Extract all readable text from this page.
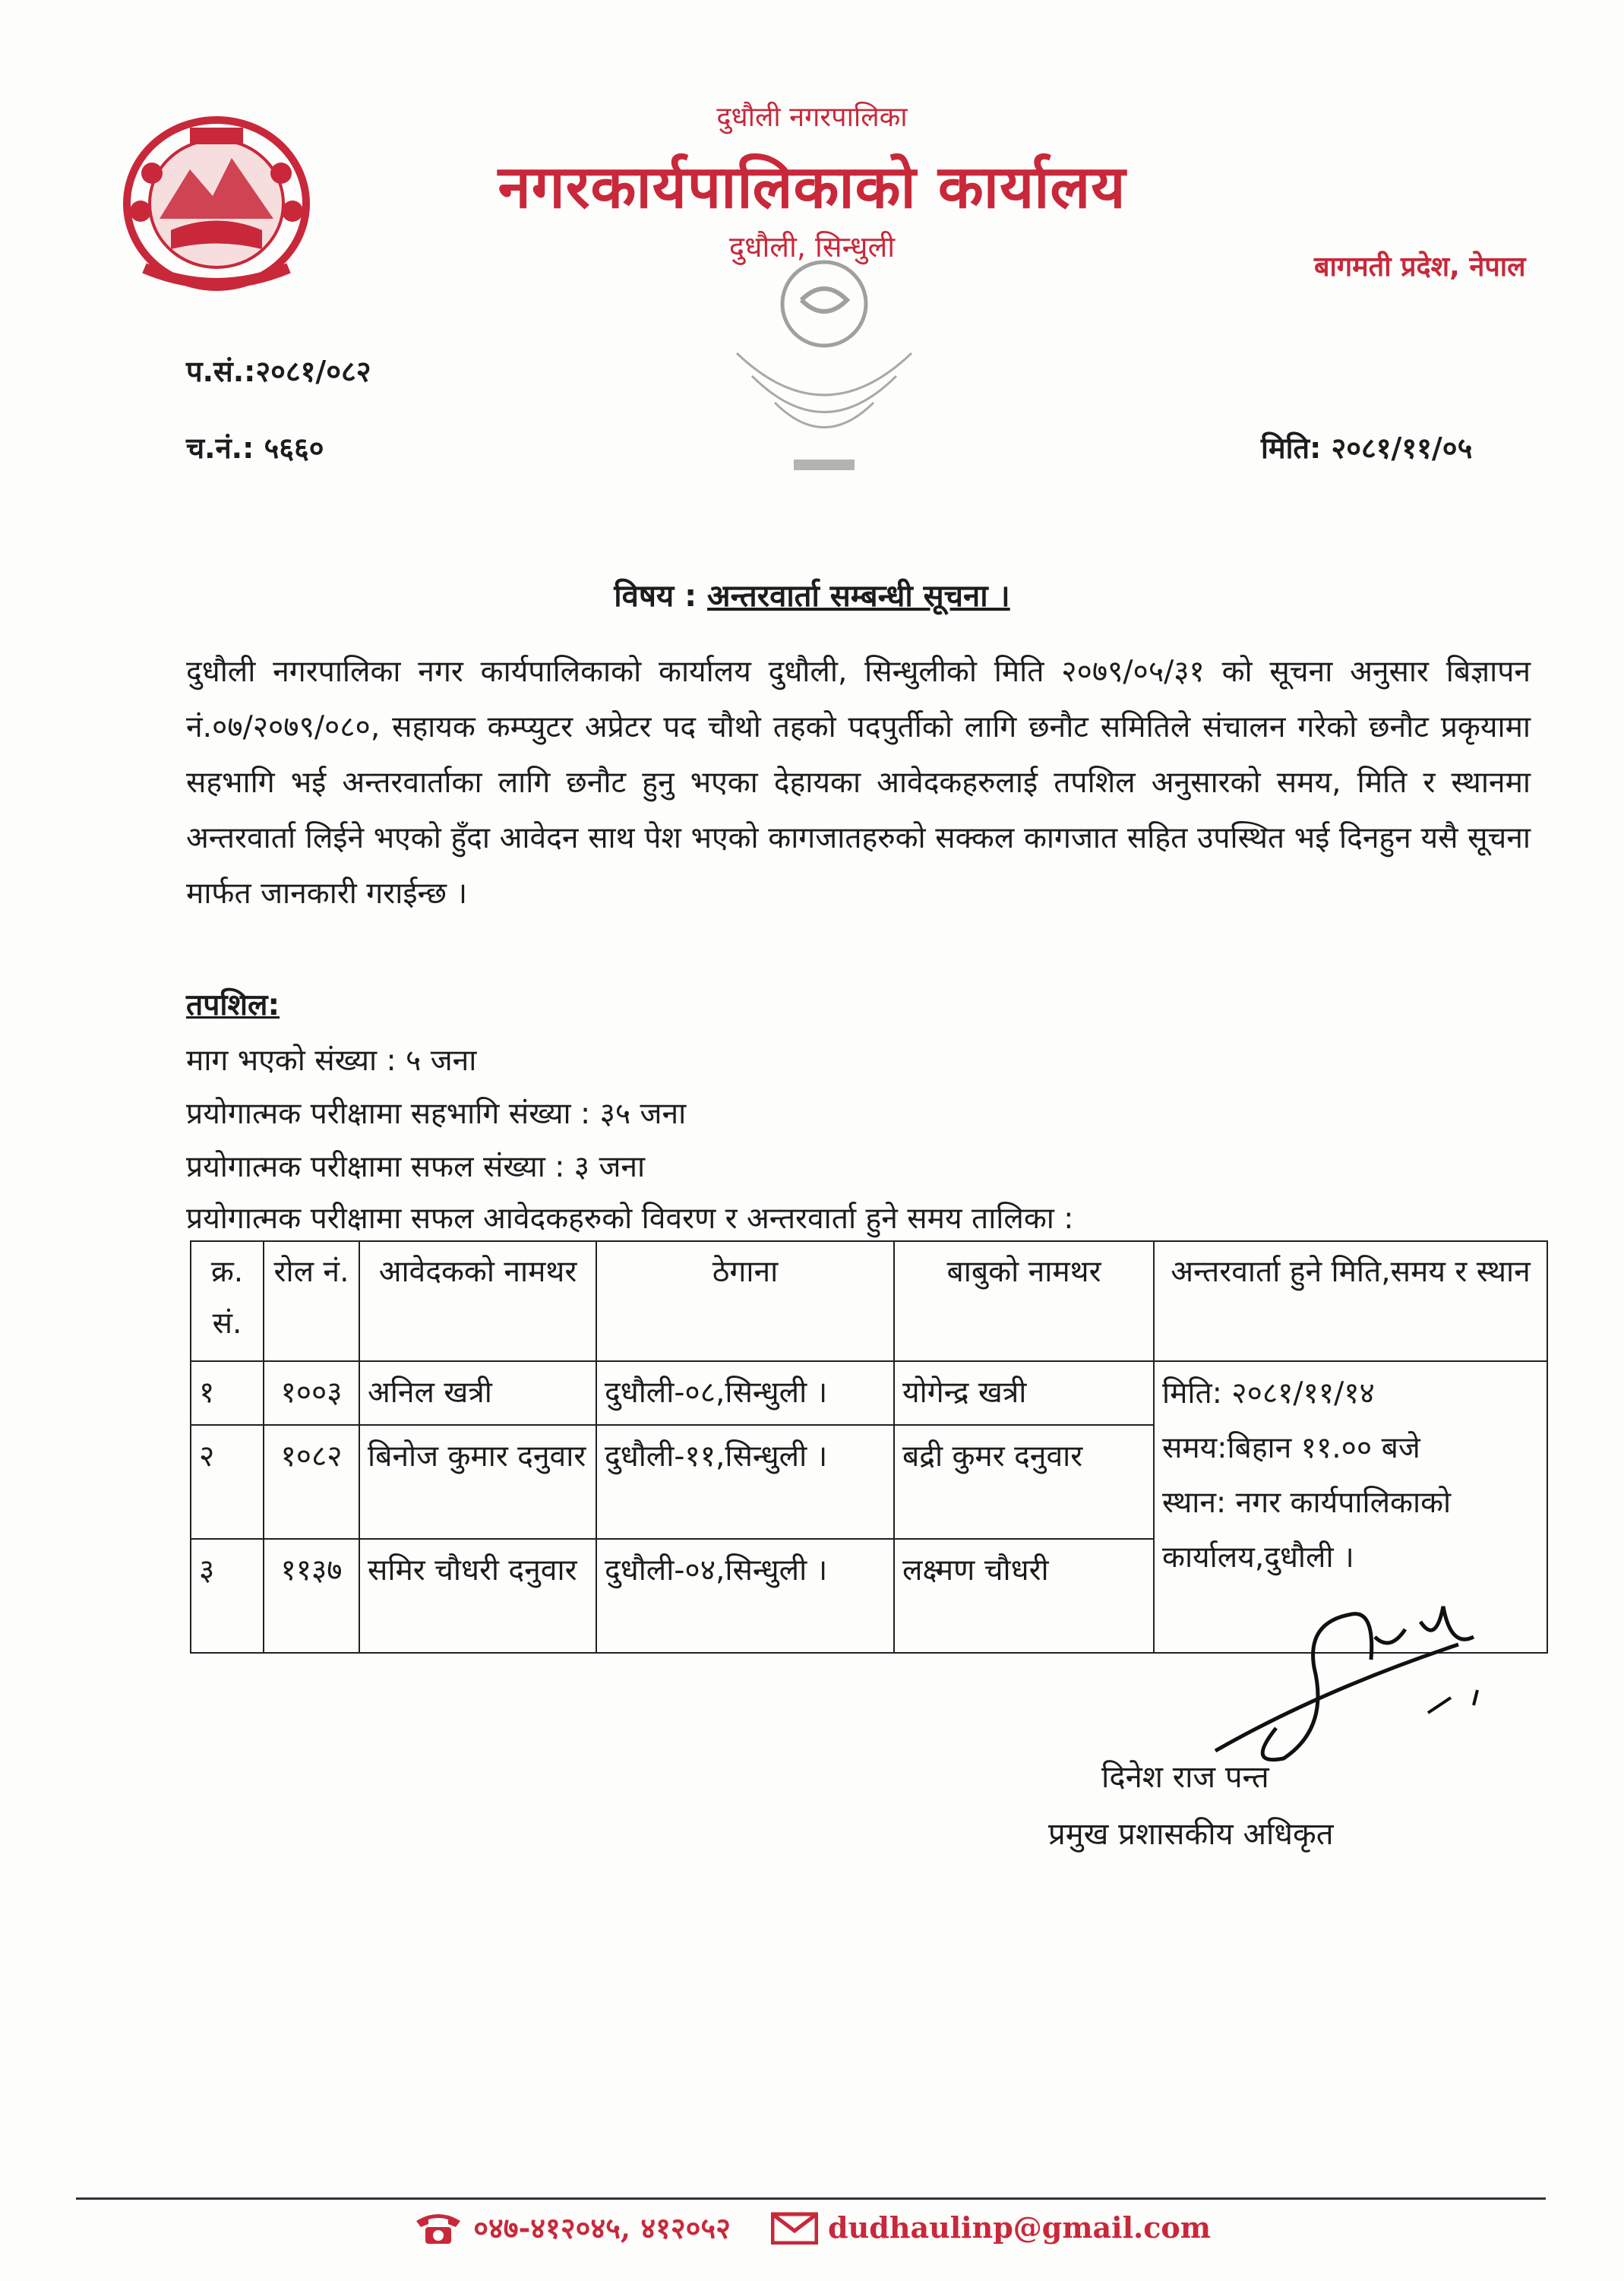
दुधौली नगरपालिका
नगरकार्यपालिकाको कार्यालय
दुधौली, सिन्धुली
बागमती प्रदेश, नेपाल
प.सं.:२०८१/०८२
च.नं.: ५६६०	मिति: २०८१/११/०५
विषय : अन्तरवार्ता सम्बन्धी सूचना ।
दुधौली नगरपालिका नगर कार्यपालिकाको कार्यालय दुधौली, सिन्धुलीको मिति २०७९/०५/३१ को सूचना अनुसार बिज्ञापन नं.०७/२०७९/०८०, सहायक कम्प्युटर अप्रेटर पद चौथो तहको पदपुर्तीको लागि छनौट समितिले संचालन गरेको छनौट प्रकृयामा सहभागि भई अन्तरवार्ताका लागि छनौट हुनु भएका देहायका आवेदकहरुलाई तपशिल अनुसारको समय, मिति र स्थानमा अन्तरवार्ता लिईने भएको हुँदा आवेदन साथ पेश भएको कागजातहरुको सक्कल कागजात सहित उपस्थित भई दिनहुन यसै सूचना मार्फत जानकारी गराईन्छ ।
तपशिल:
माग भएको संख्या : ५ जना
प्रयोगात्मक परीक्षामा सहभागि संख्या : ३५ जना
प्रयोगात्मक परीक्षामा सफल संख्या : ३ जना
प्रयोगात्मक परीक्षामा सफल आवेदकहरुको विवरण र अन्तरवार्ता हुने समय तालिका :
क्र. सं.	रोल नं.	आवेदकको नामथर	ठेगाना	बाबुको नामथर	अन्तरवार्ता हुने मिति,समय र स्थान
१	१००३	अनिल खत्री	दुधौली-०८,सिन्धुली ।	योगेन्द्र खत्री	मिति: २०८१/११/१४
समय:बिहान ११.०० बजे
स्थान: नगर कार्यपालिकाको कार्यालय,दुधौली ।

२	१०८२	बिनोज कुमार दनुवार	दुधौली-११,सिन्धुली ।	बद्री कुमर दनुवार	
३	११३७	समिर चौधरी दनुवार	दुधौली-०४,सिन्धुली ।	लक्ष्मण चौधरी	
दिनेश राज पन्त
प्रमुख प्रशासकीय अधिकृत
०४७-४१२०४५, ४१२०५२	dudhaulinp@gmail.com
